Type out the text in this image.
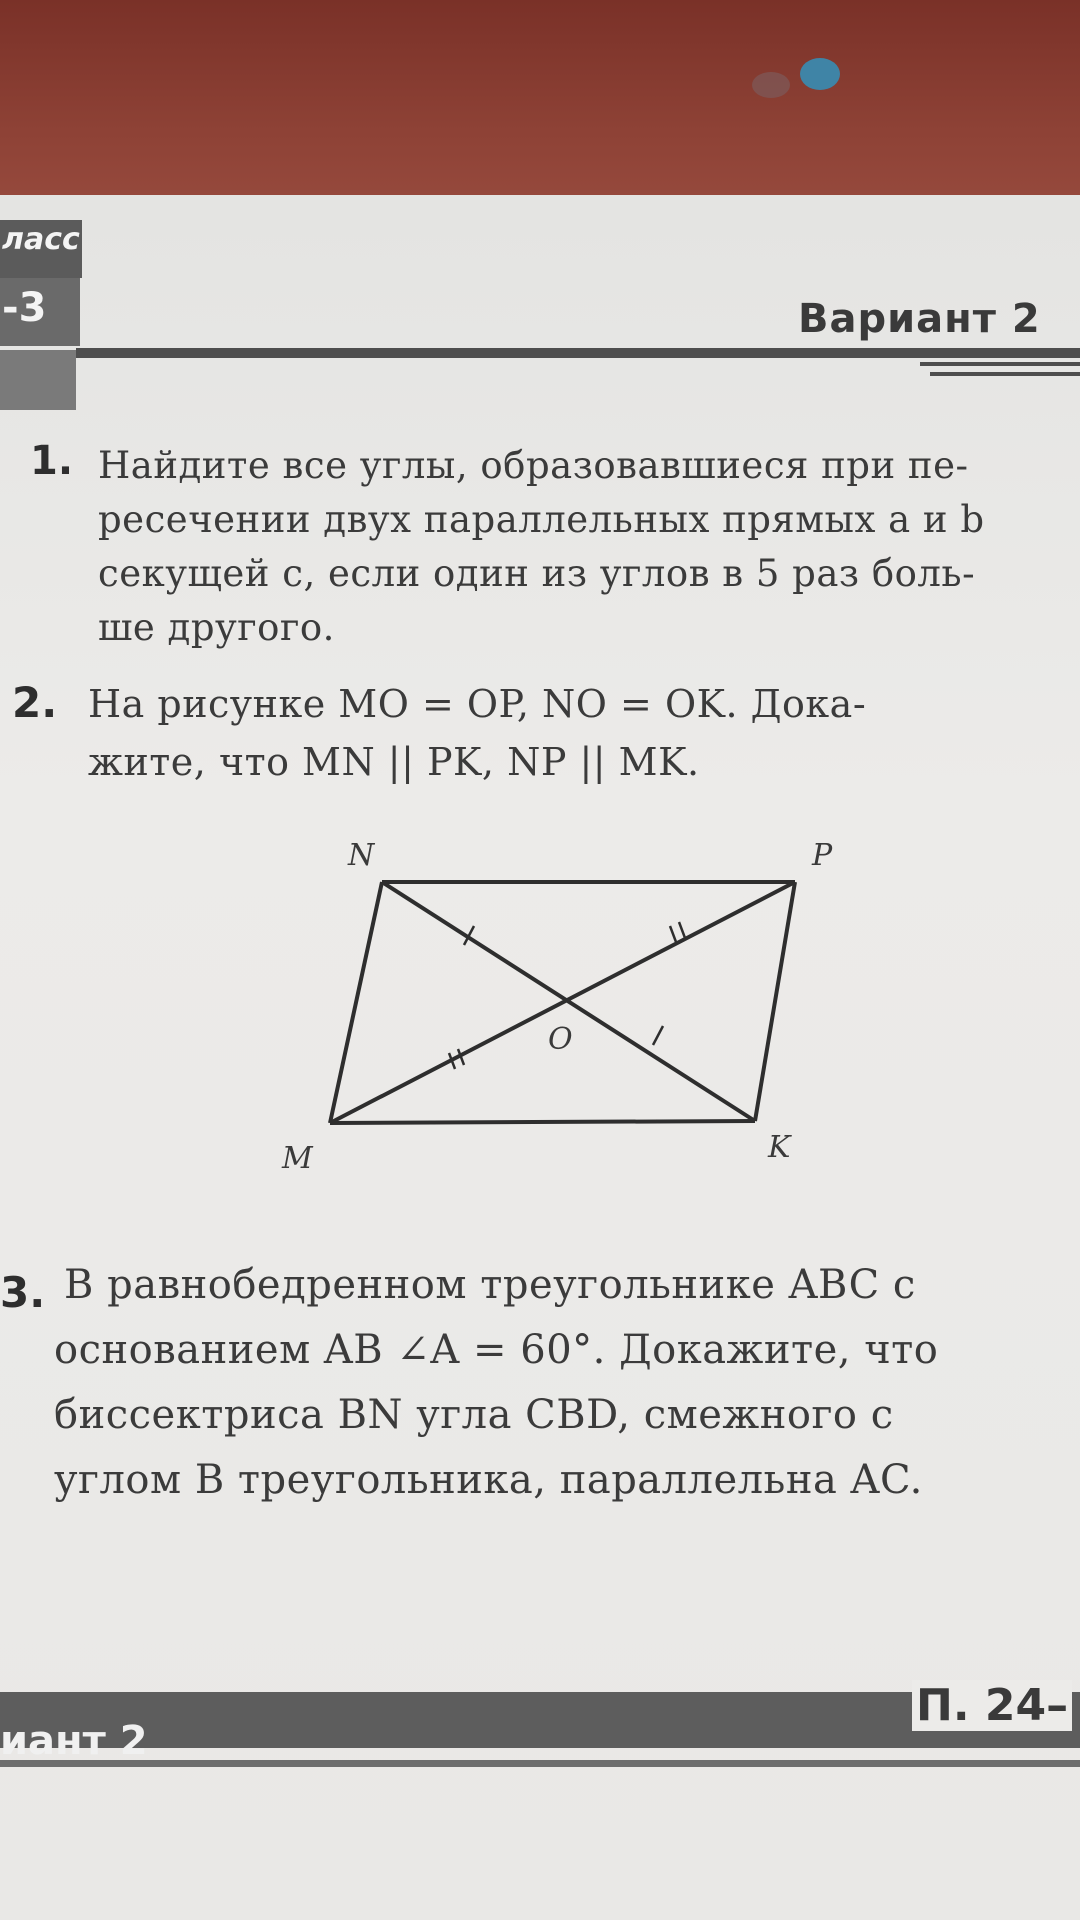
ласс
-3	Вариант 2
1. Найдите все углы, образовавшиеся при пе-
ресечении двух параллельных прямых a и b
секущей c, если один из углов в 5 раз боль-
ше другого.
2. На рисунке MO = OP, NO = OK. Дока-
жите, что MN || PK, NP || MK.
N	P
M	K
O
3. В равнобедренном треугольнике ABC с
основанием AB ∠A = 60°. Докажите, что
биссектриса BN угла CBD, смежного с
углом B треугольника, параллельна AC.
иант 2
П. 24–
